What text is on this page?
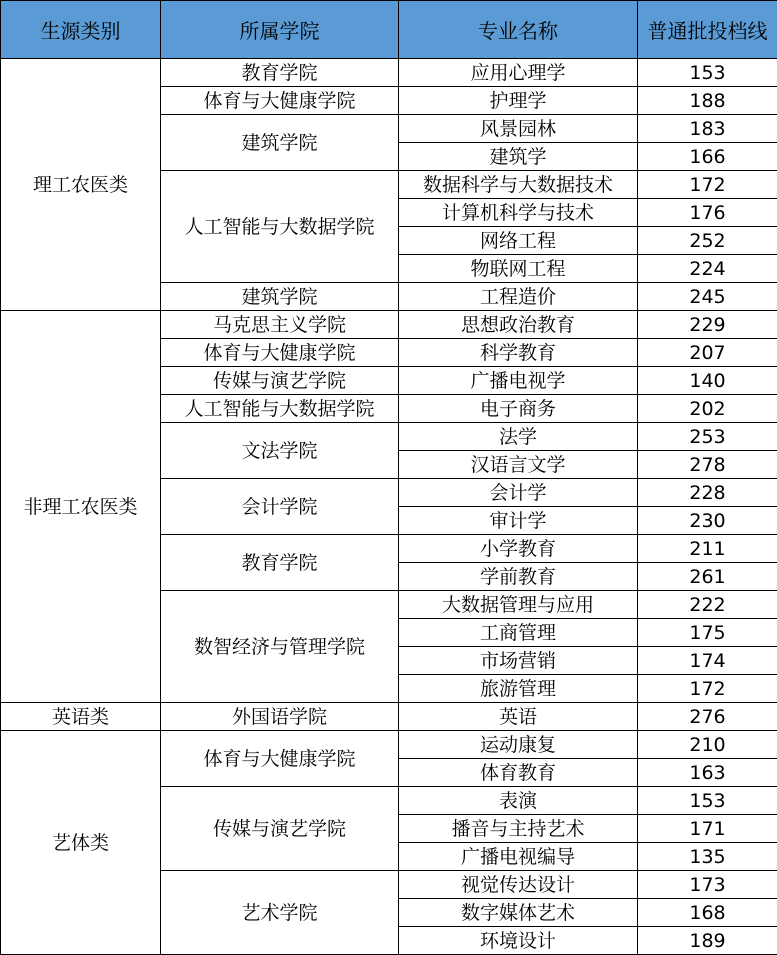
生源类别	所属学院	专业名称	普通批投档线
理工农医类	教育学院	应用心理学	153
	体育与大健康学院	护理学	188
	建筑学院	风景园林	183
		建筑学	166
	人工智能与大数据学院	数据科学与大数据技术	172
		计算机科学与技术	176
		网络工程	252
		物联网工程	224
	建筑学院	工程造价	245
非理工农医类	马克思主义学院	思想政治教育	229
	体育与大健康学院	科学教育	207
	传媒与演艺学院	广播电视学	140
	人工智能与大数据学院	电子商务	202
	文法学院	法学	253
		汉语言文学	278
	会计学院	会计学	228
		审计学	230
	教育学院	小学教育	211
		学前教育	261
	数智经济与管理学院	大数据管理与应用	222
		工商管理	175
		市场营销	174
		旅游管理	172
英语类	外国语学院	英语	276
艺体类	体育与大健康学院	运动康复	210
		体育教育	163
	传媒与演艺学院	表演	153
		播音与主持艺术	171
		广播电视编导	135
	艺术学院	视觉传达设计	173
		数字媒体艺术	168
		环境设计	189
